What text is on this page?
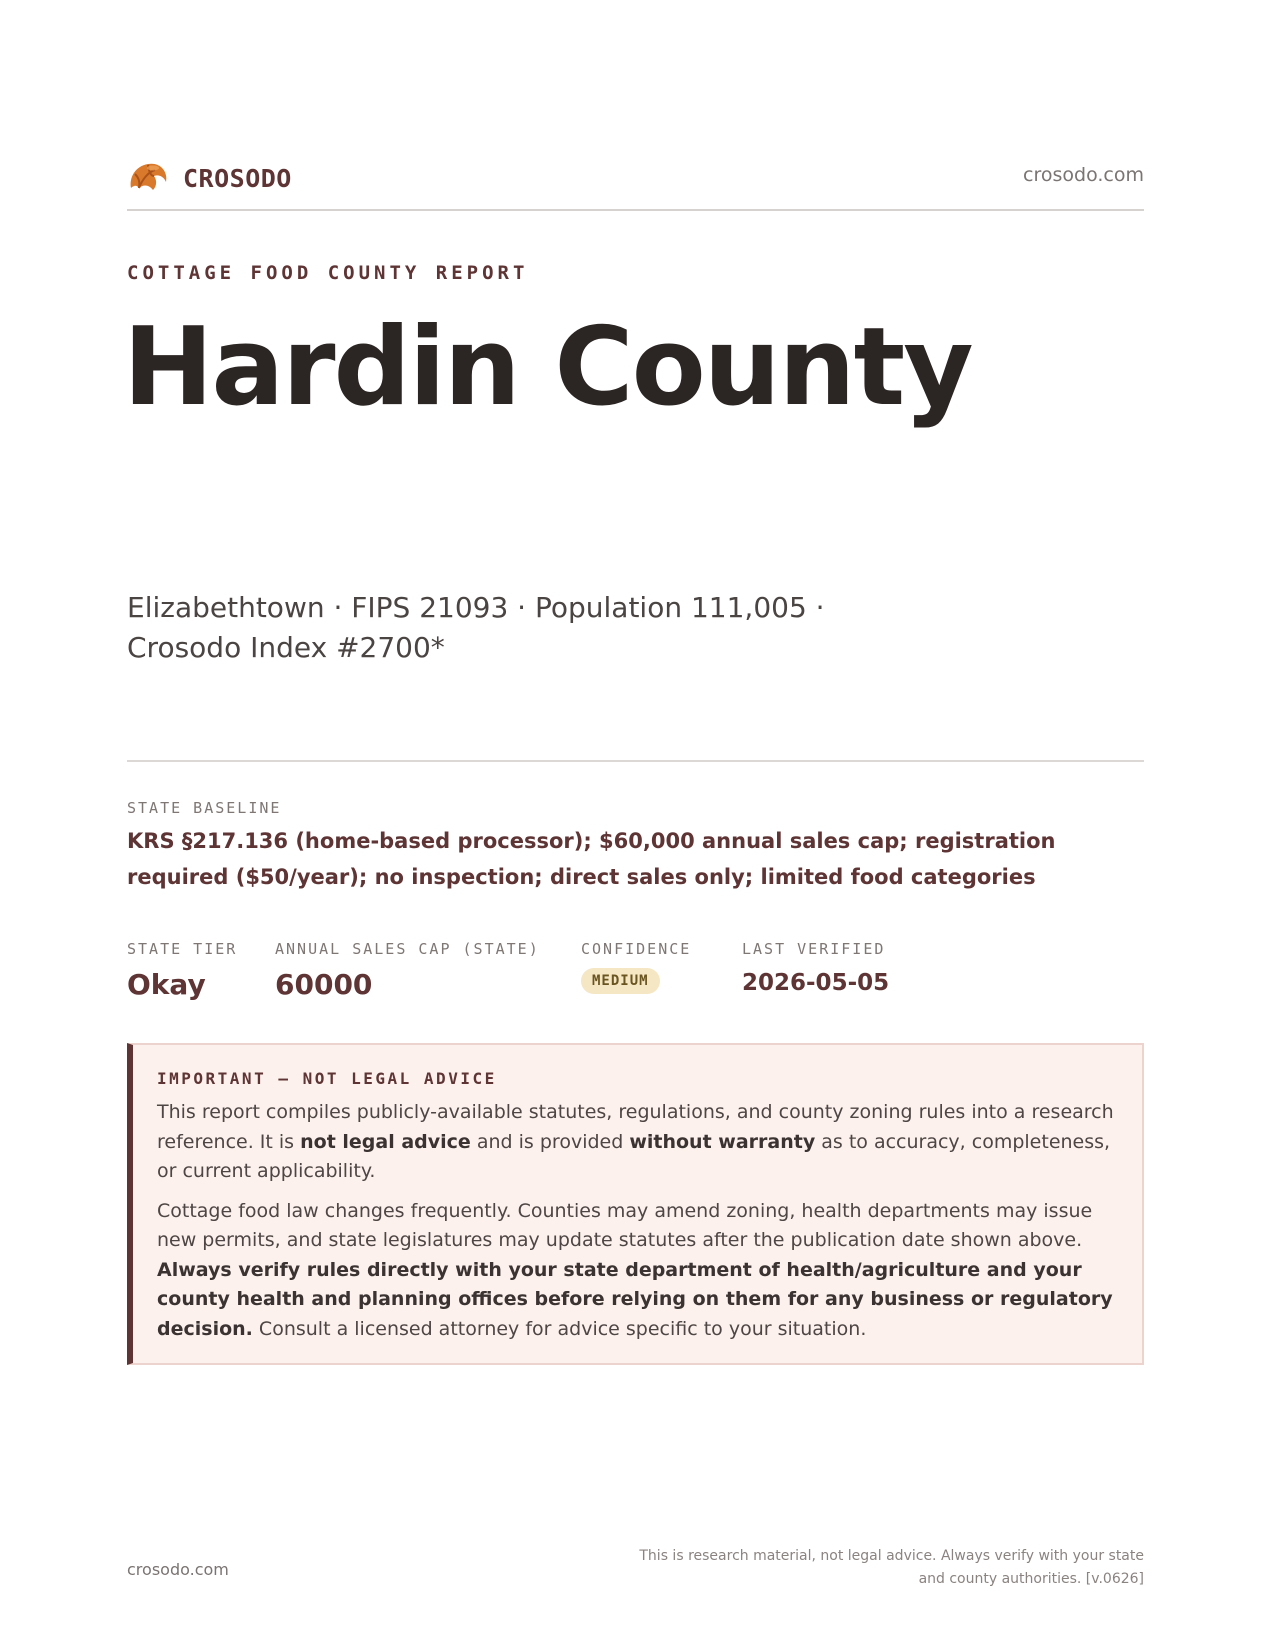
CROSODO	crosodo.com
COTTAGE FOOD COUNTY REPORT
Hardin County
Elizabethtown · FIPS 21093 · Population 111,005 · Crosodo Index #2700*
STATE BASELINE
KRS §217.136 (home-based processor); $60,000 annual sales cap; registration required ($50/year); no inspection; direct sales only; limited food categories
STATE TIER
Okay
ANNUAL SALES CAP (STATE)
60000
CONFIDENCE
MEDIUM
LAST VERIFIED
2026-05-05
IMPORTANT — NOT LEGAL ADVICE

This report compiles publicly-available statutes, regulations, and county zoning rules into a research reference. It is not legal advice and is provided without warranty as to accuracy, completeness, or current applicability.

Cottage food law changes frequently. Counties may amend zoning, health departments may issue new permits, and state legislatures may update statutes after the publication date shown above. Always verify rules directly with your state department of health/agriculture and your county health and planning offices before relying on them for any business or regulatory decision. Consult a licensed attorney for advice specific to your situation.

crosodo.com
This is research material, not legal advice. Always verify with your state and county authorities. [v.0626]
